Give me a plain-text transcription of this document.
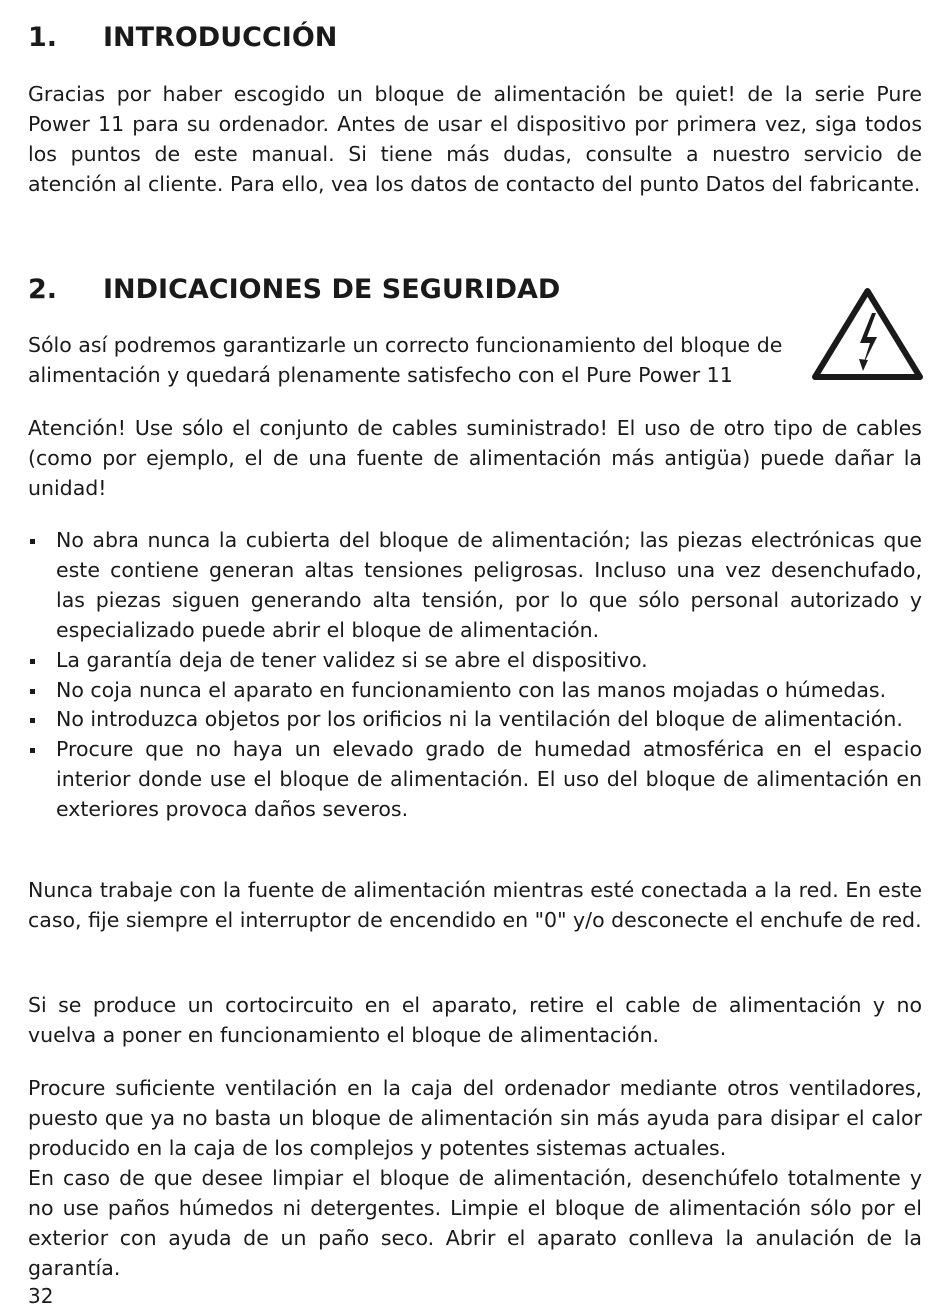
1. INTRODUCCIÓN

Gracias por haber escogido un bloque de alimentación be quiet! de la serie Pure Power 11 para su ordenador. Antes de usar el dispositivo por primera vez, siga todos los puntos de este manual. Si tiene más dudas, consulte a nuestro servicio de atención al cliente. Para ello, vea los datos de contacto del punto Datos del fabricante.

2. INDICACIONES DE SEGURIDAD

Sólo así podremos garantizarle un correcto funcionamiento del bloque de alimentación y quedará plenamente satisfecho con el Pure Power 11

Atención! Use sólo el conjunto de cables suministrado! El uso de otro tipo de cables (como por ejemplo, el de una fuente de alimentación más antigüa) puede dañar la unidad!

No abra nunca la cubierta del bloque de alimentación; las piezas electrónicas que este contiene generan altas tensiones peligrosas. Incluso una vez desenchufado, las piezas siguen generando alta tensión, por lo que sólo personal autorizado y especializado puede abrir el bloque de alimentación.
La garantía deja de tener validez si se abre el dispositivo.
No coja nunca el aparato en funcionamiento con las manos mojadas o húmedas.
No introduzca objetos por los orificios ni la ventilación del bloque de alimentación.
Procure que no haya un elevado grado de humedad atmosférica en el espacio interior donde use el bloque de alimentación. El uso del bloque de alimentación en exteriores provoca daños severos.

Nunca trabaje con la fuente de alimentación mientras esté conectada a la red. En este caso, fije siempre el interruptor de encendido en "0" y/o desconecte el enchufe de red.

Si se produce un cortocircuito en el aparato, retire el cable de alimentación y no vuelva a poner en funcionamiento el bloque de alimentación.

Procure suficiente ventilación en la caja del ordenador mediante otros ventiladores, puesto que ya no basta un bloque de alimentación sin más ayuda para disipar el calor producido en la caja de los complejos y potentes sistemas actuales.

En caso de que desee limpiar el bloque de alimentación, desenchúfelo totalmente y no use paños húmedos ni detergentes. Limpie el bloque de alimentación sólo por el exterior con ayuda de un paño seco. Abrir el aparato conlleva la anulación de la garantía.

32
